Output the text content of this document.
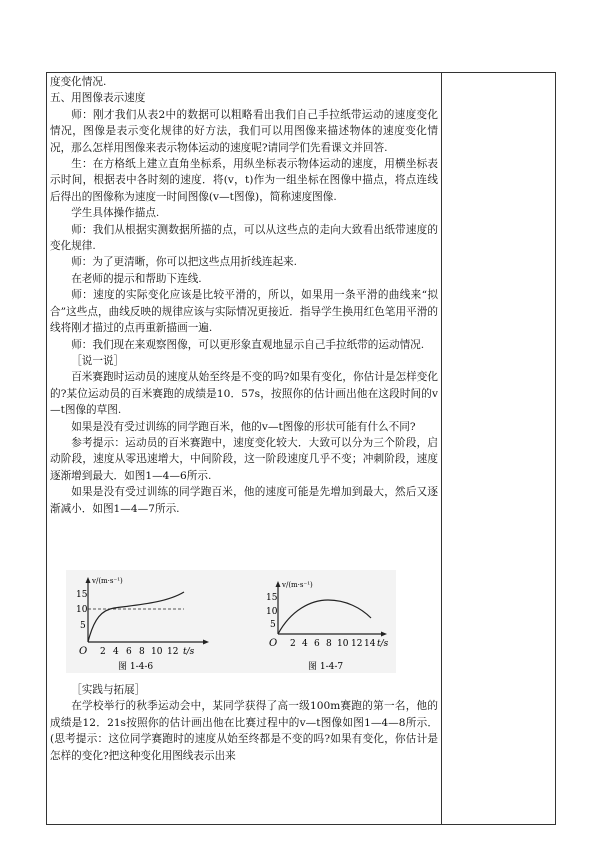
度变化情况.

五、用图像表示速度

师：刚才我们从表2中的数据可以粗略看出我们自己手拉纸带运动的速度变化情况，图像是表示变化规律的好方法，我们可以用图像来描述物体的速度变化情况，那么怎样用图像来表示物体运动的速度呢?请同学们先看课文并回答.

生：在方格纸上建立直角坐标系，用纵坐标表示物体运动的速度，用横坐标表示时间，根据表中各时刻的速度．将(v，t)作为一组坐标在图像中描点，将点连线后得出的图像称为速度一时间图像(v—t图像)，简称速度图像.

学生具体操作描点.

师：我们从根据实测数据所描的点，可以从这些点的走向大致看出纸带速度的变化规律.

师：为了更清晰，你可以把这些点用折线连起来.

在老师的提示和帮助下连线.

师：速度的实际变化应该是比较平滑的，所以，如果用一条平滑的曲线来“拟合”这些点，曲线反映的规律应该与实际情况更接近．指导学生换用红色笔用平滑的线将刚才描过的点再重新描画一遍.

师：我们现在来观察图像，可以更形象直观地显示自己手拉纸带的运动情况.

［说一说］

百米赛跑时运动员的速度从始至终是不变的吗?如果有变化，你估计是怎样变化的?某位运动员的百米赛跑的成绩是10．57s，按照你的估计画出他在这段时间的v—t图像的草图.

如果是没有受过训练的同学跑百米，他的v—t图像的形状可能有什么不同?

参考提示：运动员的百米赛跑中，速度变化较大．大致可以分为三个阶段，启动阶段，速度从零迅速增大，中间阶段，这一阶段速度几乎不变；冲刺阶段，速度逐渐增到最大．如图1—4—6所示.

如果是没有受过训练的同学跑百米，他的速度可能是先增加到最大，然后又逐渐减小．如图1—4—7所示.

v/(m·s⁻¹)
15
10
5
O 2 4 6 8 10 12 t/s
图 1-4-6
v/(m·s⁻¹)
15
10
5
O 2 4 6 8 10 12 14 t/s
图 1-4-7

［实践与拓展］

在学校举行的秋季运动会中，某同学获得了高一级100m赛跑的第一名，他的成绩是12．21s按照你的估计画出他在比赛过程中的v—t图像如图1—4—8所示．(思考提示：这位同学赛跑时的速度从始至终都是不变的吗?如果有变化，你估计是怎样的变化?把这种变化用图线表示出来
